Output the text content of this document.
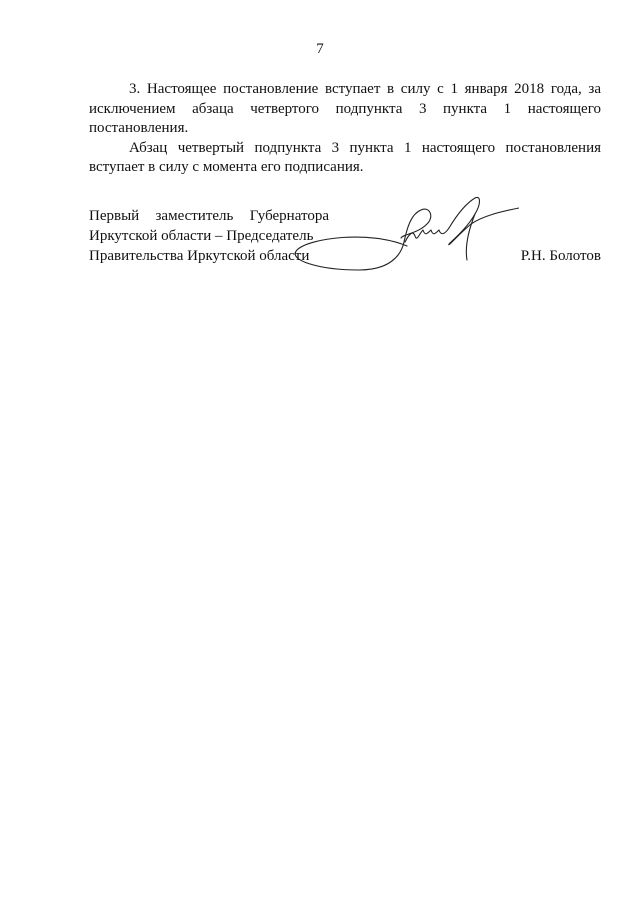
7

3. Настоящее постановление вступает в силу с 1 января 2018 года, за исключением абзаца четвертого подпункта 3 пункта 1 настоящего постановления.

Абзац четвертый подпункта 3 пункта 1 настоящего постановления вступает в силу с момента его подписания.

Первый заместитель Губернатора
Иркутской области – Председатель
Правительства Иркутской области	Р.Н. Болотов
